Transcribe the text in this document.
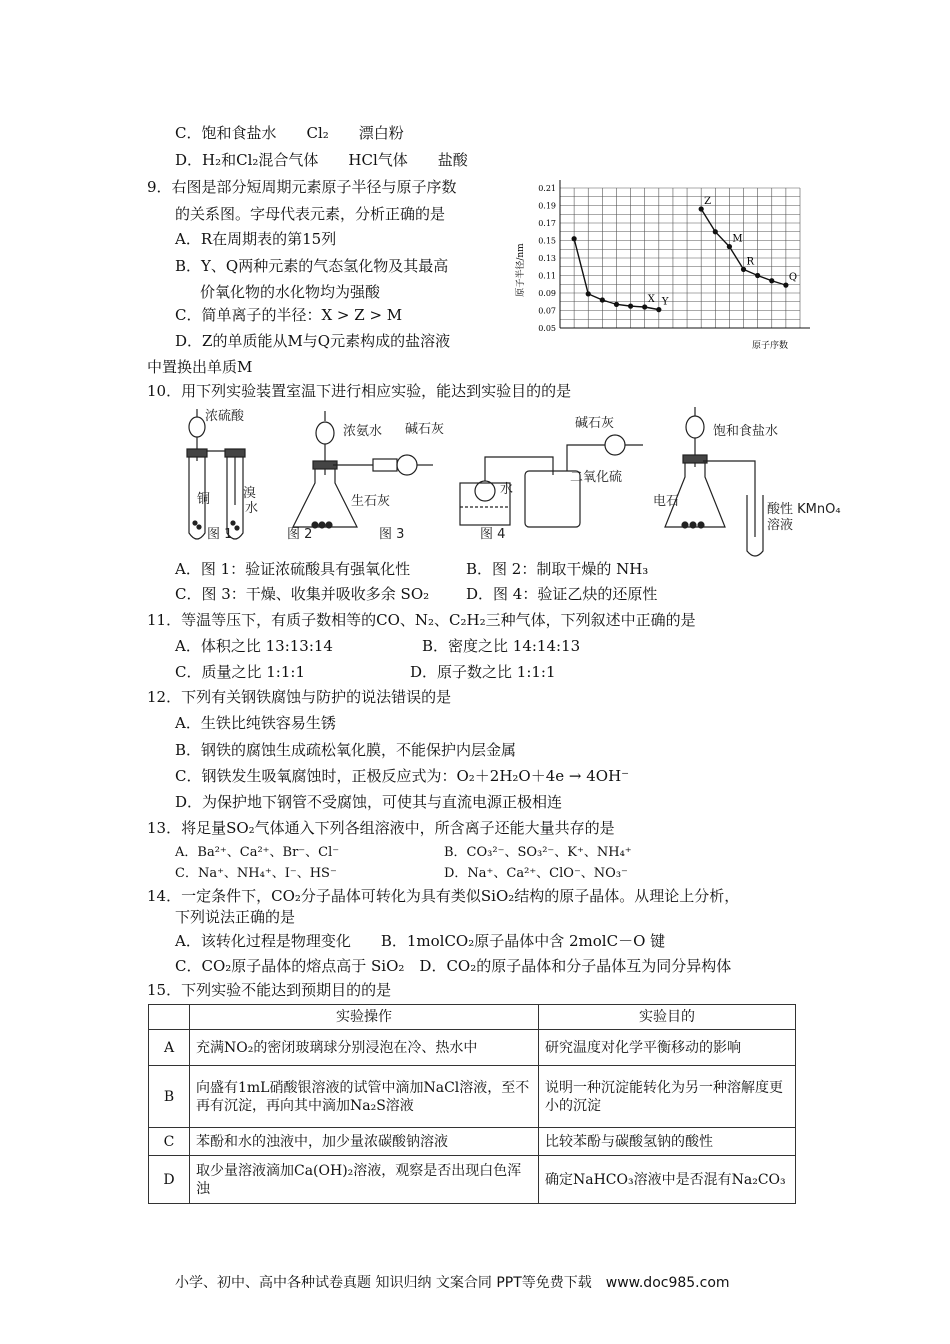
C．饱和食盐水　　Cl₂　　漂白粉
D．H₂和Cl₂混合气体　　HCl气体　　盐酸
9．右图是部分短周期元素原子半径与原子序数
的关系图。字母代表元素，分析正确的是
A．R在周期表的第15列
B．Y、Q两种元素的气态氢化物及其最高
价氧化物的水化物均为强酸
C．简单离子的半径：X > Z > M
D．Z的单质能从M与Q元素构成的盐溶液
中置换出单质M
0.21
0.19
0.17
0.15
0.13
0.11
0.09
0.07
0.05
X Y
Z
M
R
Q
原子半径/nm
原子序数
10．用下列实验装置室温下进行相应实验，能达到实验目的的是
浓硫酸
铜	溴
水
图 1
浓氨水 碱石灰
生石灰
图 2	图 3
碱石灰
二氧化硫
水
图 4
饱和食盐水
电石
酸性 KMnO₄
溶液
A．图 1：验证浓硫酸具有强氧化性	B．图 2：制取干燥的 NH₃
C．图 3：干燥、收集并吸收多余 SO₂ D．图 4：验证乙炔的还原性
11．等温等压下，有质子数相等的CO、N₂、C₂H₂三种气体，下列叙述中正确的是
A．体积之比 13:13:14	B．密度之比 14:14:13
C．质量之比 1:1:1	D．原子数之比 1:1:1
12．下列有关钢铁腐蚀与防护的说法错误的是
A．生铁比纯铁容易生锈
B．钢铁的腐蚀生成疏松氧化膜，不能保护内层金属
C．钢铁发生吸氧腐蚀时，正极反应式为：O₂＋2H₂O＋4e → 4OH⁻
D．为保护地下钢管不受腐蚀，可使其与直流电源正极相连
13．将足量SO₂气体通入下列各组溶液中，所含离子还能大量共存的是
A．Ba²⁺、Ca²⁺、Br⁻、Cl⁻	B．CO₃²⁻、SO₃²⁻、K⁺、NH₄⁺
C．Na⁺、NH₄⁺、I⁻、HS⁻	D．Na⁺、Ca²⁺、ClO⁻、NO₃⁻
14．一定条件下，CO₂分子晶体可转化为具有类似SiO₂结构的原子晶体。从理论上分析，
下列说法正确的是
A．该转化过程是物理变化　　B．1molCO₂原子晶体中含 2molC－O 键
C．CO₂原子晶体的熔点高于 SiO₂　D．CO₂的原子晶体和分子晶体互为同分异构体
15．下列实验不能达到预期目的的是
	实验操作	实验目的
A	充满NO₂的密闭玻璃球分别浸泡在冷、热水中	研究温度对化学平衡移动的影响
B	向盛有1mL硝酸银溶液的试管中滴加NaCl溶液，至不再有沉淀，再向其中滴加Na₂S溶液	说明一种沉淀能转化为另一种溶解度更小的沉淀
C	苯酚和水的浊液中，加少量浓碳酸钠溶液	比较苯酚与碳酸氢钠的酸性
D	取少量溶液滴加Ca(OH)₂溶液，观察是否出现白色浑浊	确定NaHCO₃溶液中是否混有Na₂CO₃
小学、初中、高中各种试卷真题 知识归纳 文案合同 PPT等免费下载　www.doc985.com
